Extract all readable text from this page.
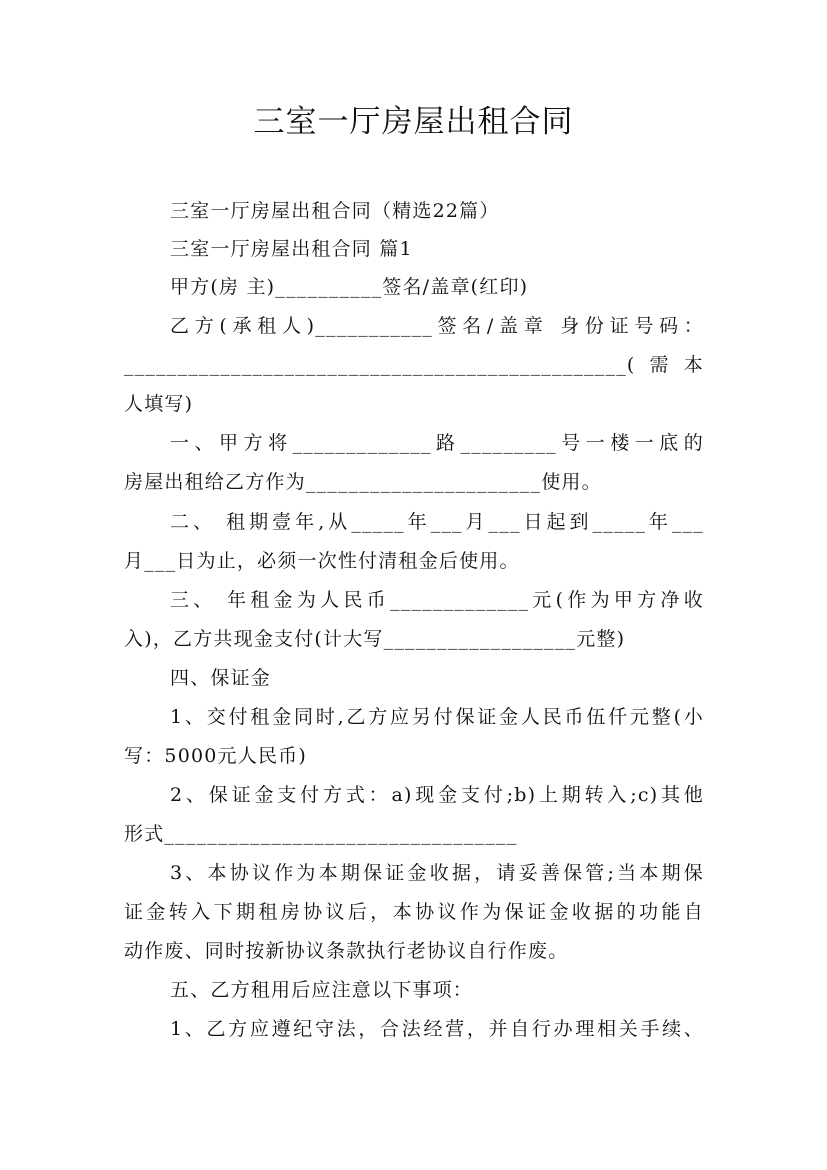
三室一厅房屋出租合同
三室一厅房屋出租合同（精选22篇）
三室一厅房屋出租合同 篇1
甲方(房 主)__________签名/盖章(红印)
乙方(承租人)___________签名/盖章 身份证号码：
_______________________________________________(需本
人填写)
一、甲方将_____________路_________号一楼一底的
房屋出租给乙方作为______________________使用。
二、 租期壹年,从_____年___月___日起到_____年___
月___日为止，必须一次性付清租金后使用。
三、 年租金为人民币_____________元(作为甲方净收
入)，乙方共现金支付(计大写__________________元整)
四、保证金
1、交付租金同时,乙方应另付保证金人民币伍仟元整(小
写：5000元人民币)
2、保证金支付方式：a)现金支付;b)上期转入;c)其他
形式_________________________________
3、本协议作为本期保证金收据，请妥善保管;当本期保
证金转入下期租房协议后，本协议作为保证金收据的功能自
动作废、同时按新协议条款执行老协议自行作废。
五、乙方租用后应注意以下事项：
1、乙方应遵纪守法，合法经营，并自行办理相关手续、
